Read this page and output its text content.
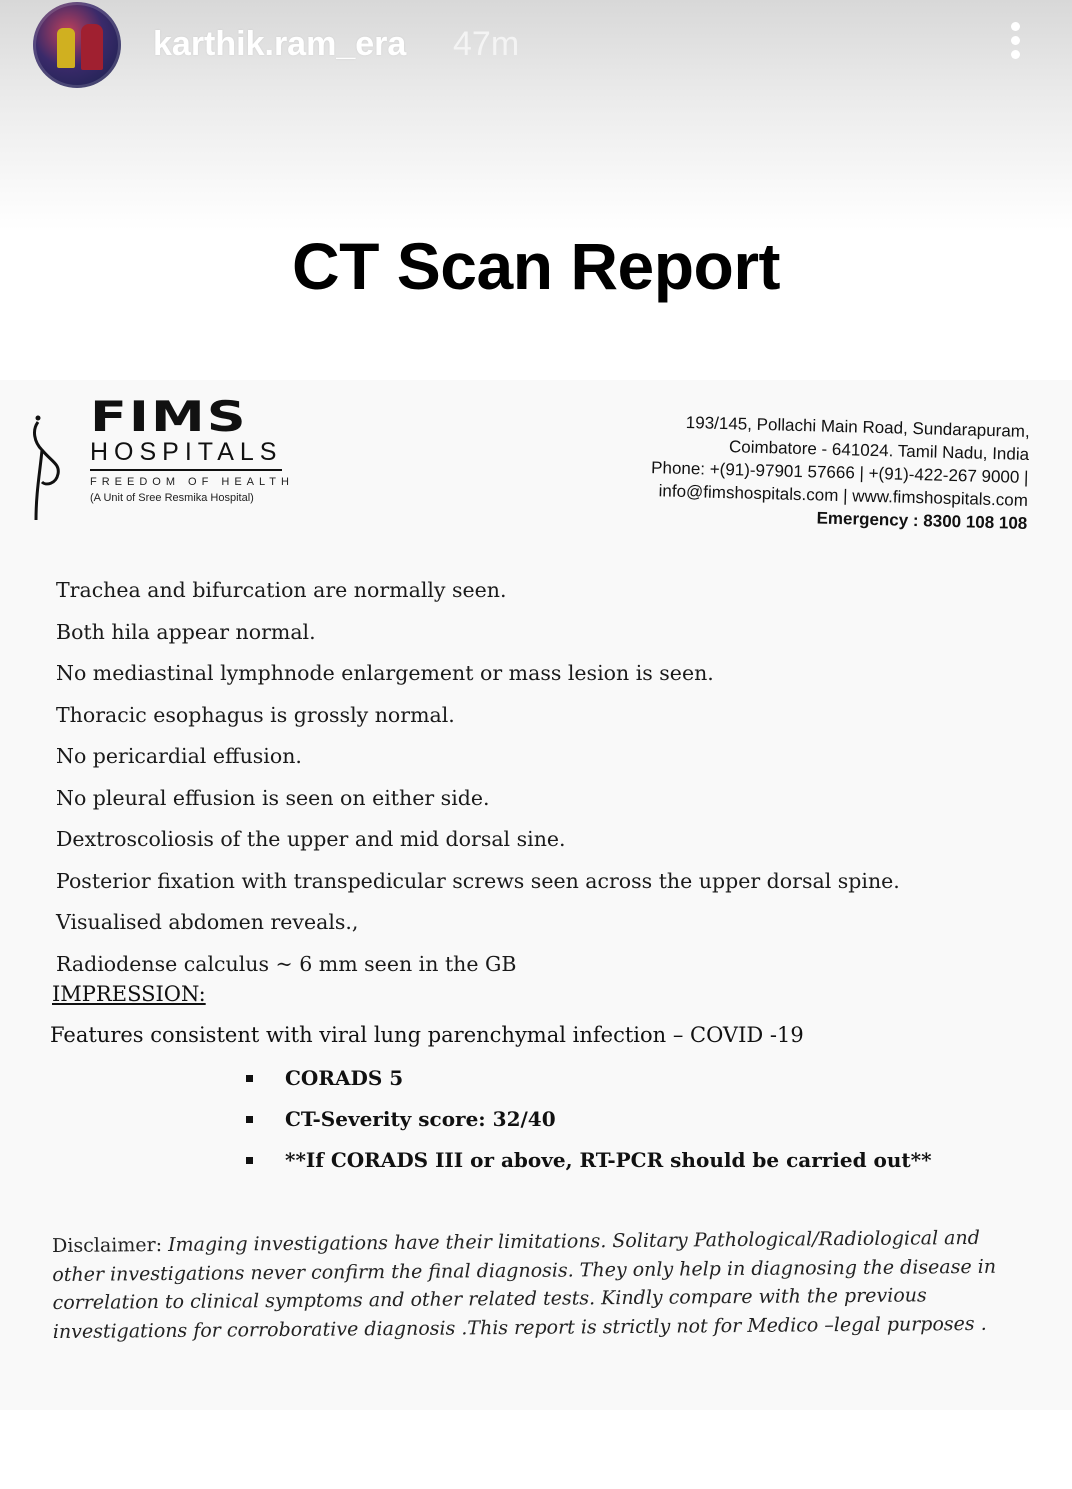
karthik.ram_era 47m
CT Scan Report
FIMS
HOSPITALS
FREEDOM OF HEALTH
(A Unit of Sree Resmika Hospital)
193/145, Pollachi Main Road, Sundarapuram,
Coimbatore - 641024. Tamil Nadu, India
Phone: +(91)-97901 57666 | +(91)-422-267 9000 |
info@fimshospitals.com | www.fimshospitals.com
Emergency : 8300 108 108
Trachea and bifurcation are normally seen.
Both hila appear normal.
No mediastinal lymphnode enlargement or mass lesion is seen.
Thoracic esophagus is grossly normal.
No pericardial effusion.
No pleural effusion is seen on either side.
Dextroscoliosis of the upper and mid dorsal sine.
Posterior fixation with transpedicular screws seen across the upper dorsal spine.
Visualised abdomen reveals.,
Radiodense calculus ~ 6 mm seen in the GB
IMPRESSION:
Features consistent with viral lung parenchymal infection – COVID -19
CORADS 5
CT-Severity score: 32/40
**If CORADS III or above, RT-PCR should be carried out**
Disclaimer: Imaging investigations have their limitations. Solitary Pathological/Radiological and other investigations never confirm the final diagnosis. They only help in diagnosing the disease in correlation to clinical symptoms and other related tests. Kindly compare with the previous investigations for corroborative diagnosis .This report is strictly not for Medico –legal purposes .
